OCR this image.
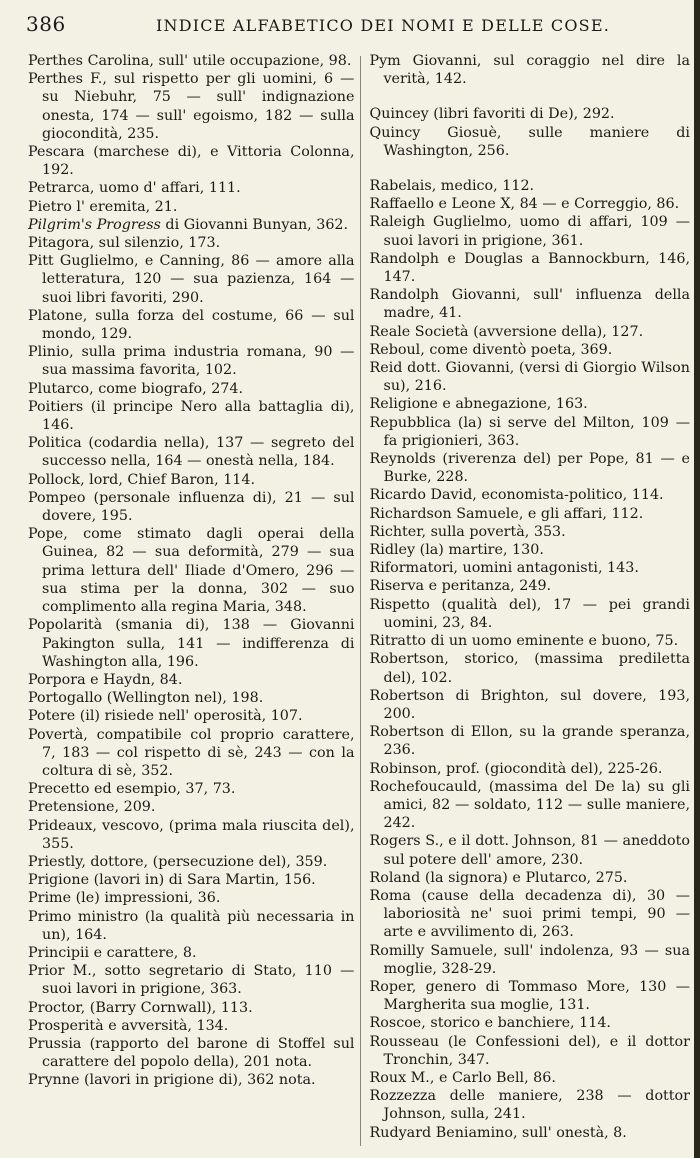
386	INDICE ALFABETICO DEI NOMI E DELLE COSE.

Perthes Carolina, sull' utile occupazione, 98.

Perthes F., sul rispetto per gli uomini, 6 — su Niebuhr, 75 — sull' indignazione onesta, 174 — sull' egoismo, 182 — sulla giocondità, 235.

Pescara (marchese di), e Vittoria Colonna, 192.

Petrarca, uomo d' affari, 111.

Pietro l' eremita, 21.

Pilgrim's Progress di Giovanni Bunyan, 362.

Pitagora, sul silenzio, 173.

Pitt Guglielmo, e Canning, 86 — amore alla letteratura, 120 — sua pazienza, 164 — suoi libri favoriti, 290.

Platone, sulla forza del costume, 66 — sul mondo, 129.

Plinio, sulla prima industria romana, 90 — sua massima favorita, 102.

Plutarco, come biografo, 274.

Poitiers (il principe Nero alla battaglia di), 146.

Politica (codardia nella), 137 — segreto del successo nella, 164 — onestà nella, 184.

Pollock, lord, Chief Baron, 114.

Pompeo (personale influenza di), 21 — sul dovere, 195.

Pope, come stimato dagli operai della Guinea, 82 — sua deformità, 279 — sua prima lettura dell' Iliade d'Omero, 296 — sua stima per la donna, 302 — suo complimento alla regina Maria, 348.

Popolarità (smania di), 138 — Giovanni Pakington sulla, 141 — indifferenza di Washington alla, 196.

Porpora e Haydn, 84.

Portogallo (Wellington nel), 198.

Potere (il) risiede nell' operosità, 107.

Povertà, compatibile col proprio carattere, 7, 183 — col rispetto di sè, 243 — con la coltura di sè, 352.

Precetto ed esempio, 37, 73.

Pretensione, 209.

Prideaux, vescovo, (prima mala riuscita del), 355.

Priestly, dottore, (persecuzione del), 359.

Prigione (lavori in) di Sara Martin, 156.

Prime (le) impressioni, 36.

Primo ministro (la qualità più necessaria in un), 164.

Principii e carattere, 8.

Prior M., sotto segretario di Stato, 110 — suoi lavori in prigione, 363.

Proctor, (Barry Cornwall), 113.

Prosperità e avversità, 134.

Prussia (rapporto del barone di Stoffel sul carattere del popolo della), 201 nota.

Prynne (lavori in prigione di), 362 nota.

Pym Giovanni, sul coraggio nel dire la verità, 142.

Quincey (libri favoriti di De), 292.

Quincy Giosuè, sulle maniere di Washington, 256.

Rabelais, medico, 112.

Raffaello e Leone X, 84 — e Correggio, 86.

Raleigh Guglielmo, uomo di affari, 109 — suoi lavori in prigione, 361.

Randolph e Douglas a Bannockburn, 146, 147.

Randolph Giovanni, sull' influenza della madre, 41.

Reale Società (avversione della), 127.

Reboul, come diventò poeta, 369.

Reid dott. Giovanni, (versi di Giorgio Wilson su), 216.

Religione e abnegazione, 163.

Repubblica (la) si serve del Milton, 109 — fa prigionieri, 363.

Reynolds (riverenza del) per Pope, 81 — e Burke, 228.

Ricardo David, economista-politico, 114.

Richardson Samuele, e gli affari, 112.

Richter, sulla povertà, 353.

Ridley (la) martire, 130.

Riformatori, uomini antagonisti, 143.

Riserva e peritanza, 249.

Rispetto (qualità del), 17 — pei grandi uomini, 23, 84.

Ritratto di un uomo eminente e buono, 75.

Robertson, storico, (massima prediletta del), 102.

Robertson di Brighton, sul dovere, 193, 200.

Robertson di Ellon, su la grande speranza, 236.

Robinson, prof. (giocondità del), 225-26.

Rochefoucauld, (massima del De la) su gli amici, 82 — soldato, 112 — sulle maniere, 242.

Rogers S., e il dott. Johnson, 81 — aneddoto sul potere dell' amore, 230.

Roland (la signora) e Plutarco, 275.

Roma (cause della decadenza di), 30 — laboriosità ne' suoi primi tempi, 90 — arte e avvilimento di, 263.

Romilly Samuele, sull' indolenza, 93 — sua moglie, 328-29.

Roper, genero di Tommaso More, 130 — Margherita sua moglie, 131.

Roscoe, storico e banchiere, 114.

Rousseau (le Confessioni del), e il dottor Tronchin, 347.

Roux M., e Carlo Bell, 86.

Rozzezza delle maniere, 238 — dottor Johnson, sulla, 241.

Rudyard Beniamino, sull' onestà, 8.
